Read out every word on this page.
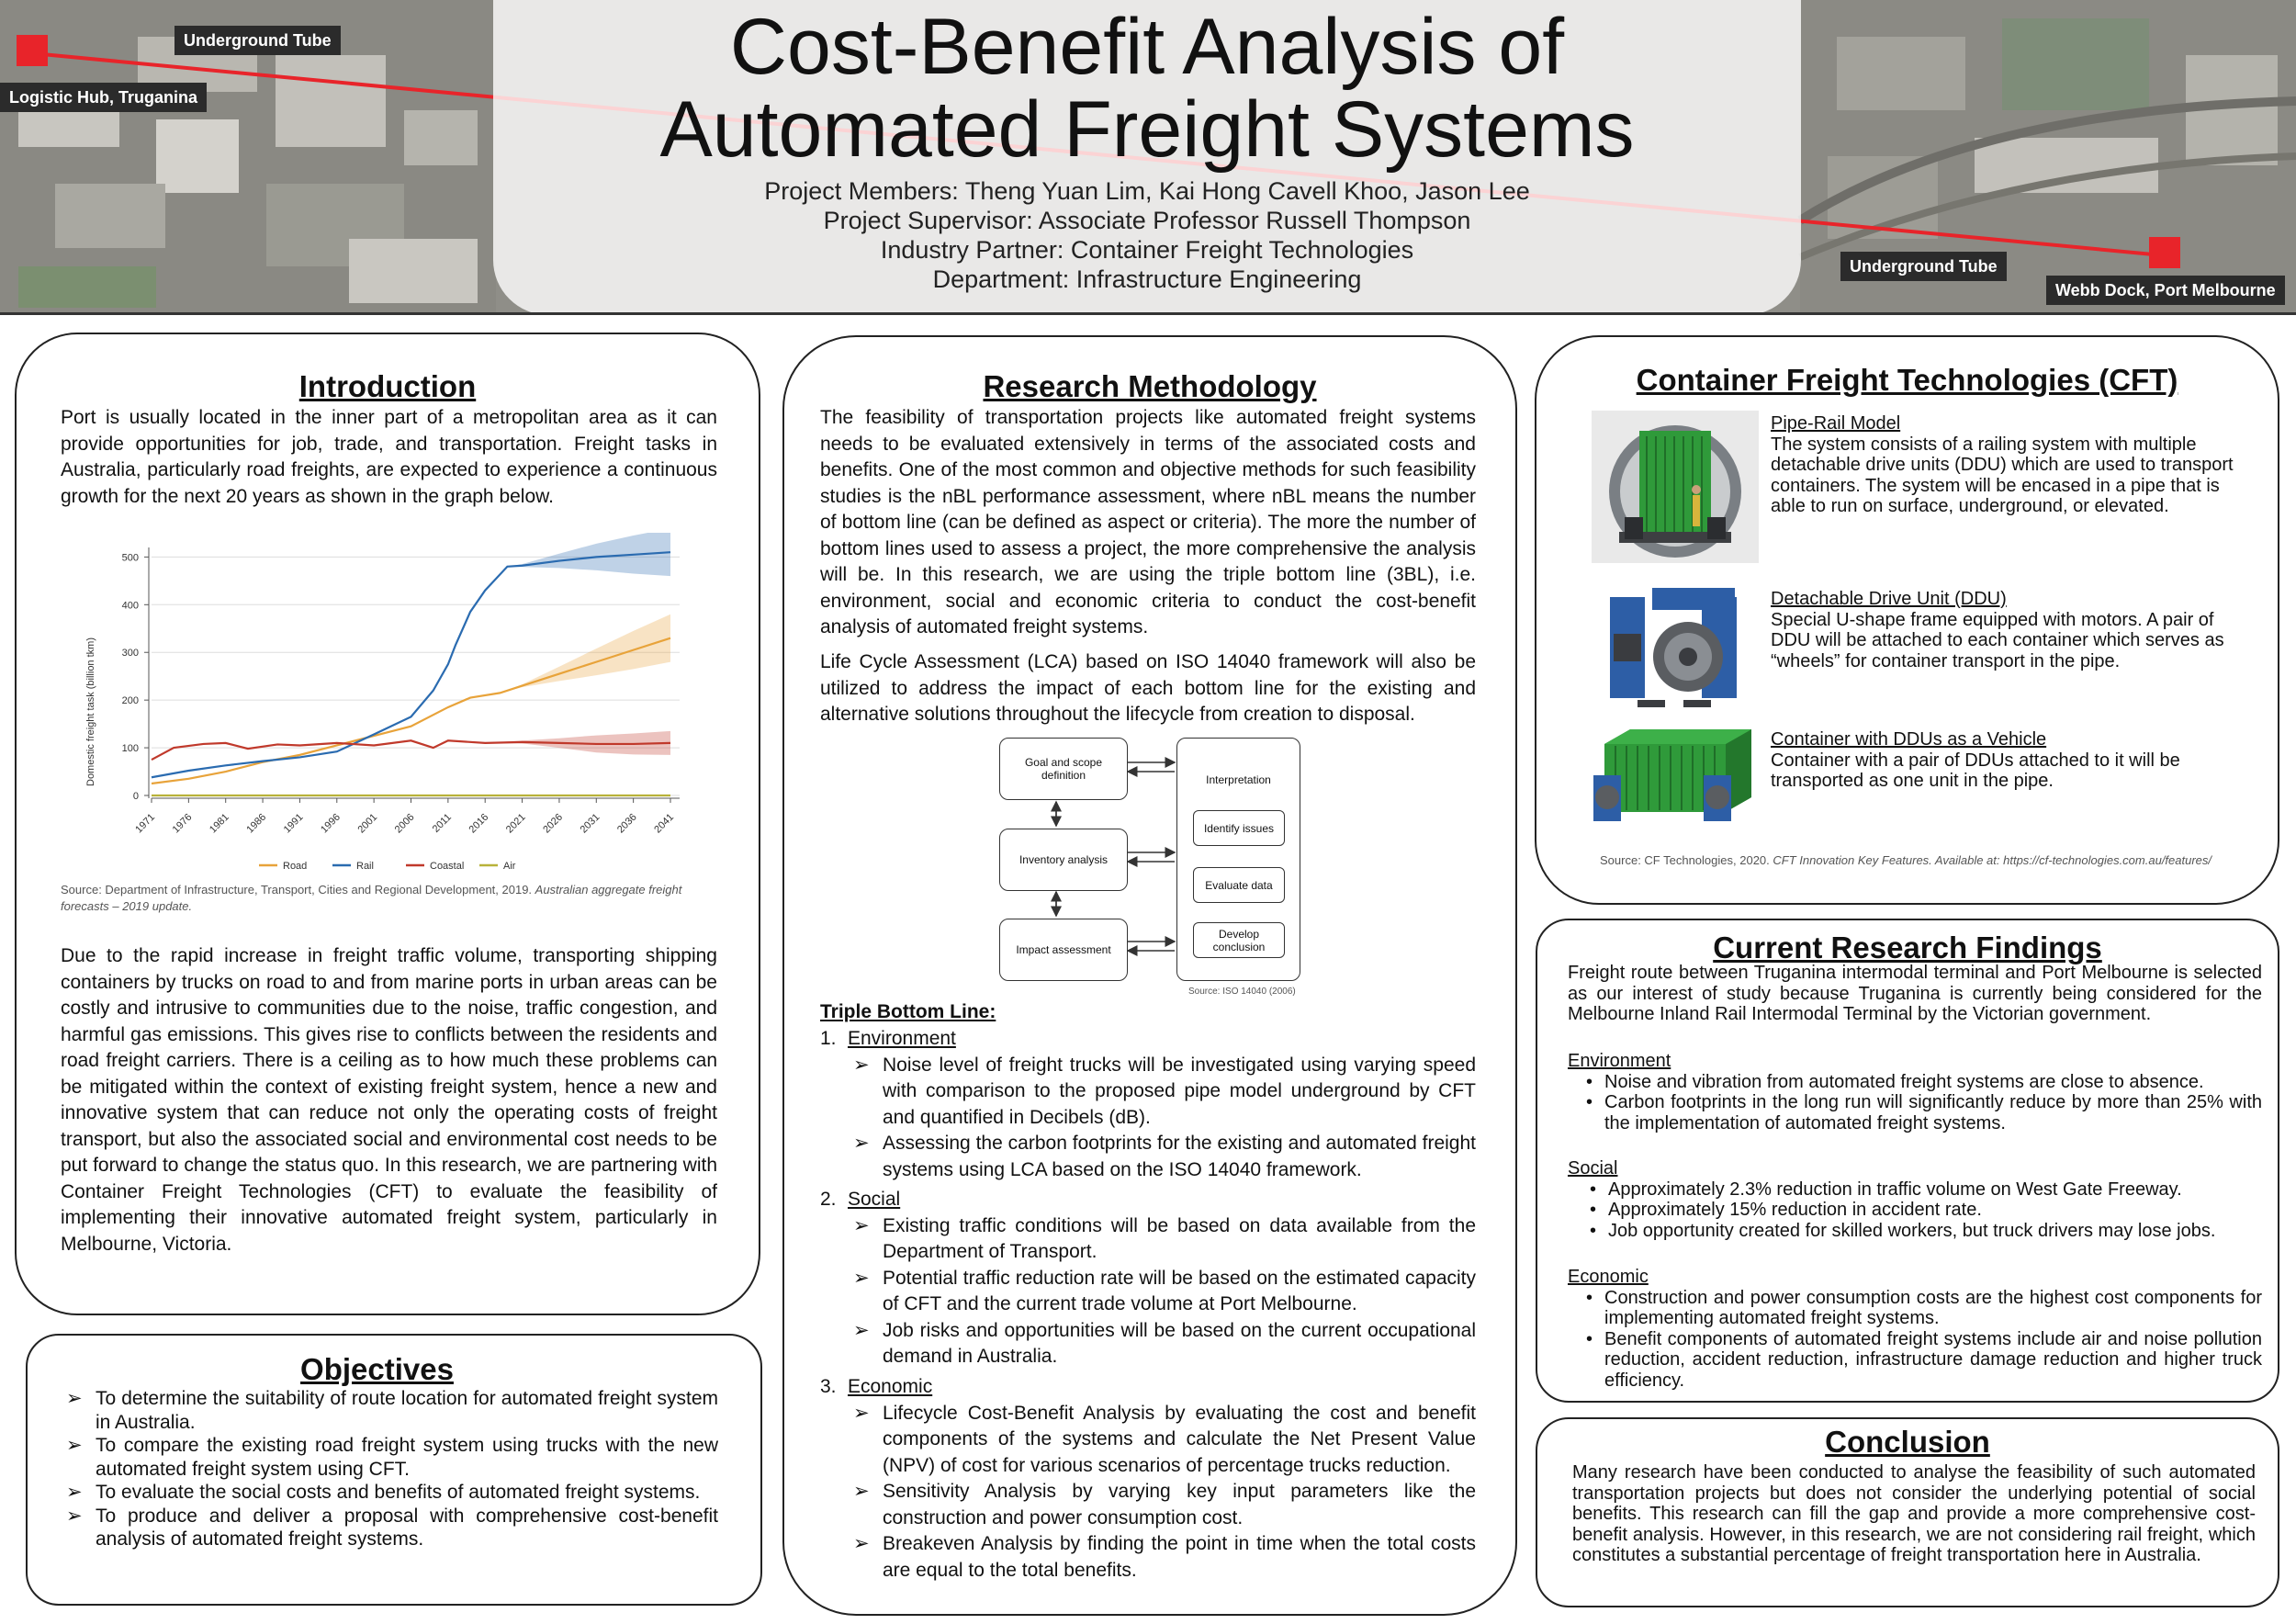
Underground Tube
Logistic Hub, Truganina
Underground Tube
Webb Dock, Port Melbourne
Cost-Benefit Analysis of
Automated Freight Systems
Project Members: Theng Yuan Lim, Kai Hong Cavell Khoo, Jason Lee
Project Supervisor: Associate Professor Russell Thompson
Industry Partner: Container Freight Technologies
Department: Infrastructure Engineering
Introduction
Port is usually located in the inner part of a metropolitan area as it can provide opportunities for job, trade, and transportation. Freight tasks in Australia, particularly road freights, are expected to experience a continuous growth for the next 20 years as shown in the graph below.
0
100
200
300
400
500
1971 1976 1981 1986 1991 1996 2001 2006 2011 2016 2021 2026 2031 2036 2041
Domestic freight task (billion tkm)
Road	Rail	Coastal	Air
Source: Department of Infrastructure, Transport, Cities and Regional Development, 2019. Australian aggregate freight forecasts – 2019 update.
Due to the rapid increase in freight traffic volume, transporting shipping containers by trucks on road to and from marine ports in urban areas can be costly and intrusive to communities due to the noise, traffic congestion, and harmful gas emissions. This gives rise to conflicts between the residents and road freight carriers. There is a ceiling as to how much these problems can be mitigated within the context of existing freight system, hence a new and innovative system that can reduce not only the operating costs of freight transport, but also the associated social and environmental cost needs to be put forward to change the status quo. In this research, we are partnering with Container Freight Technologies (CFT) to evaluate the feasibility of implementing their innovative automated freight system, particularly in Melbourne, Victoria.
Objectives
➢ To determine the suitability of route location for automated freight system in Australia.
➢ To compare the existing road freight system using trucks with the new automated freight system using CFT.
➢ To evaluate the social costs and benefits of automated freight systems.
➢ To produce and deliver a proposal with comprehensive cost-benefit analysis of automated freight systems.
Research Methodology
The feasibility of transportation projects like automated freight systems needs to be evaluated extensively in terms of the associated costs and benefits. One of the most common and objective methods for such feasibility studies is the nBL performance assessment, where nBL means the number of bottom line (can be defined as aspect or criteria). The more the number of bottom lines used to assess a project, the more comprehensive the analysis will be. In this research, we are using the triple bottom line (3BL), i.e. environment, social and economic criteria to conduct the cost-benefit analysis of automated freight systems.
Life Cycle Assessment (LCA) based on ISO 14040 framework will also be utilized to address the impact of each bottom line for the existing and alternative solutions throughout the lifecycle from creation to disposal.
Goal and scope definition
Inventory analysis
Impact assessment
Interpretation
Identify issues
Evaluate data
Develop conclusion
Source: ISO 14040 (2006)
Triple Bottom Line:
1. Environment
➢ Noise level of freight trucks will be investigated using varying speed with comparison to the proposed pipe model underground by CFT and quantified in Decibels (dB).
➢ Assessing the carbon footprints for the existing and automated freight systems using LCA based on the ISO 14040 framework.
2. Social
➢ Existing traffic conditions will be based on data available from the Department of Transport.
➢ Potential traffic reduction rate will be based on the estimated capacity of CFT and the current trade volume at Port Melbourne.
➢ Job risks and opportunities will be based on the current occupational demand in Australia.
3. Economic
➢ Lifecycle Cost-Benefit Analysis by evaluating the cost and benefit components of the systems and calculate the Net Present Value (NPV) of cost for various scenarios of percentage trucks reduction.
➢ Sensitivity Analysis by varying key input parameters like the construction and power consumption cost.
➢ Breakeven Analysis by finding the point in time when the total costs are equal to the total benefits.
Container Freight Technologies (CFT)
Pipe-Rail Model
The system consists of a railing system with multiple detachable drive units (DDU) which are used to transport containers. The system will be encased in a pipe that is able to run on surface, underground, or elevated.
Detachable Drive Unit (DDU)
Special U-shape frame equipped with motors. A pair of DDU will be attached to each container which serves as “wheels” for container transport in the pipe.
Container with DDUs as a Vehicle
Container with a pair of DDUs attached to it will be transported as one unit in the pipe.
Source: CF Technologies, 2020. CFT Innovation Key Features. Available at: https://cf-technologies.com.au/features/
Current Research Findings
Freight route between Truganina intermodal terminal and Port Melbourne is selected as our interest of study because Truganina is currently being considered for the Melbourne Inland Rail Intermodal Terminal by the Victorian government.
Environment
• Noise and vibration from automated freight systems are close to absence.
• Carbon footprints in the long run will significantly reduce by more than 25% with the implementation of automated freight systems.
Social
• Approximately 2.3% reduction in traffic volume on West Gate Freeway.
• Approximately 15% reduction in accident rate.
• Job opportunity created for skilled workers, but truck drivers may lose jobs.
Economic
• Construction and power consumption costs are the highest cost components for implementing automated freight systems.
• Benefit components of automated freight systems include air and noise pollution reduction, accident reduction, infrastructure damage reduction and higher truck efficiency.
Conclusion
Many research have been conducted to analyse the feasibility of such automated transportation projects but does not consider the underlying potential of social benefits. This research can fill the gap and provide a more comprehensive cost-benefit analysis. However, in this research, we are not considering rail freight, which constitutes a substantial percentage of freight transportation here in Australia.
